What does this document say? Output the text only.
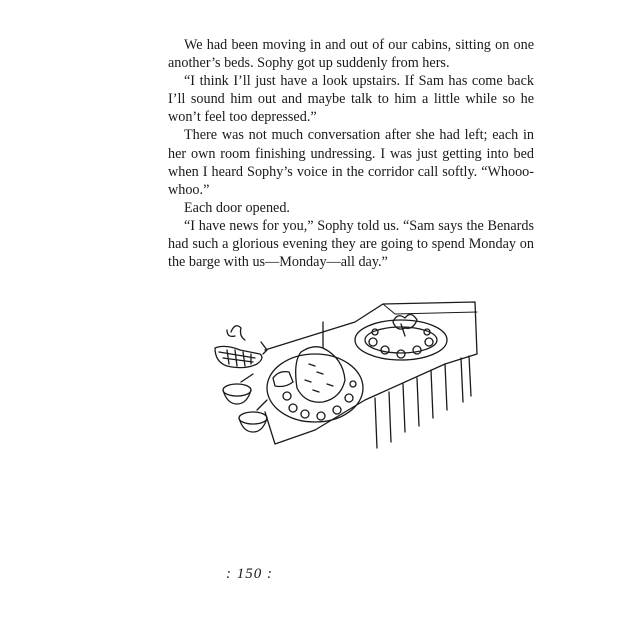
We had been moving in and out of our cabins, sitting on one another’s beds. Sophy got up suddenly from hers.

“I think I’ll just have a look upstairs. If Sam has come back I’ll sound him out and maybe talk to him a little while so he won’t feel too depressed.”

There was not much conversation after she had left; each in her own room finishing undressing. I was just getting into bed when I heard Sophy’s voice in the corridor call softly. “Whooo-whoo.”

Each door opened.

“I have news for you,” Sophy told us. “Sam says the Benards had such a glorious evening they are going to spend Monday on the barge with us—Monday—all day.”

: 150 :
